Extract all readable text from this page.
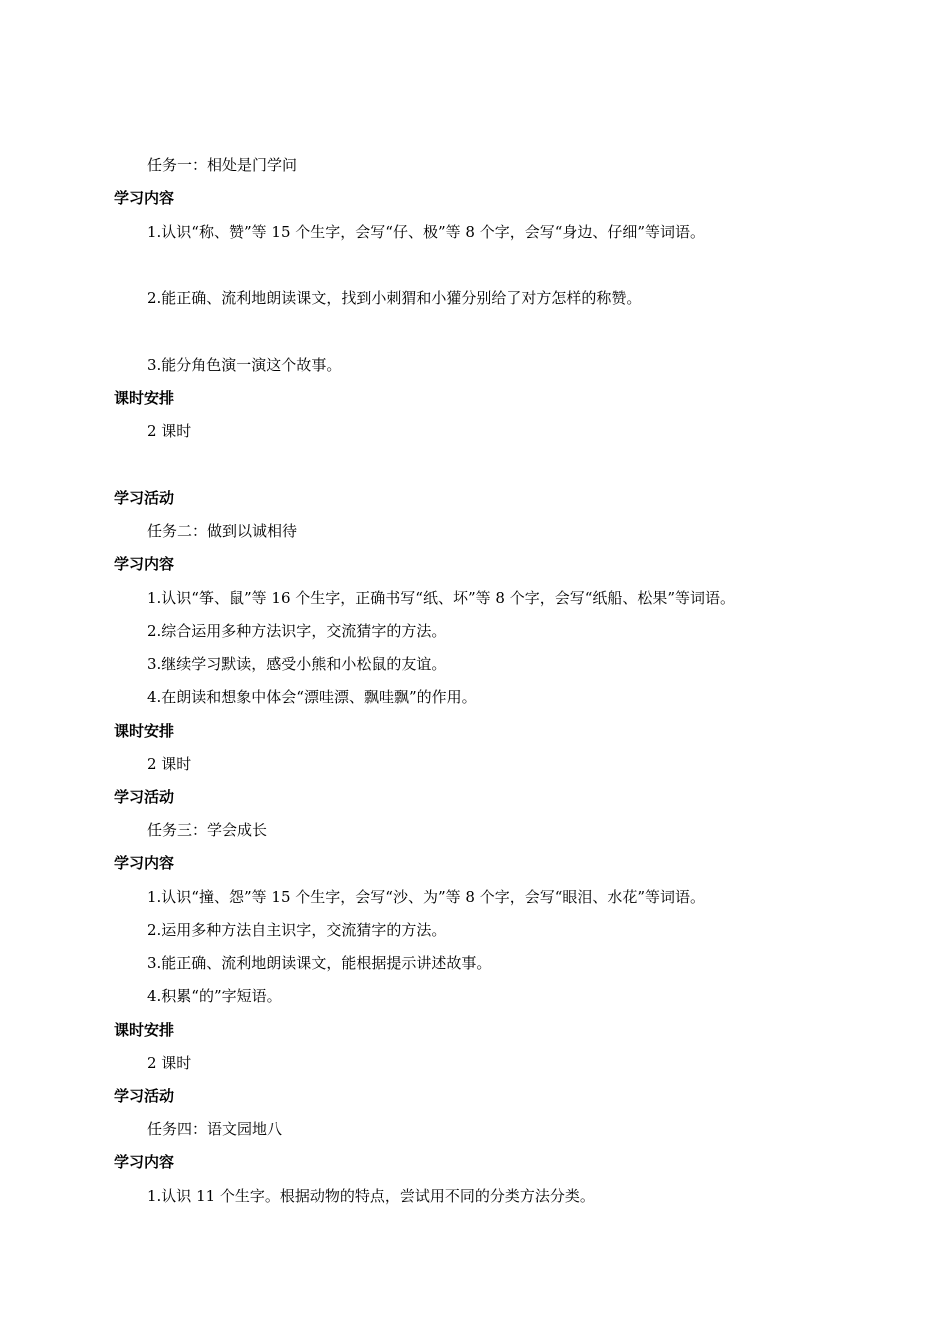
任务一：相处是门学问
学习内容
1.认识“称、赞”等 15 个生字，会写“仔、极”等 8 个字，会写“身边、仔细”等词语。
2.能正确、流利地朗读课文，找到小刺猬和小獾分别给了对方怎样的称赞。
3.能分角色演一演这个故事。
课时安排
2 课时
学习活动
任务二：做到以诚相待
学习内容
1.认识“筝、鼠”等 16 个生字，正确书写“纸、坏”等 8 个字，会写“纸船、松果”等词语。
2.综合运用多种方法识字，交流猜字的方法。
3.继续学习默读，感受小熊和小松鼠的友谊。
4.在朗读和想象中体会“漂哇漂、飘哇飘”的作用。
课时安排
2 课时
学习活动
任务三：学会成长
学习内容
1.认识“撞、怨”等 15 个生字，会写“沙、为”等 8 个字，会写“眼泪、水花”等词语。
2.运用多种方法自主识字，交流猜字的方法。
3.能正确、流利地朗读课文，能根据提示讲述故事。
4.积累“的”字短语。
课时安排
2 课时
学习活动
任务四：语文园地八
学习内容
1.认识 11 个生字。根据动物的特点，尝试用不同的分类方法分类。
